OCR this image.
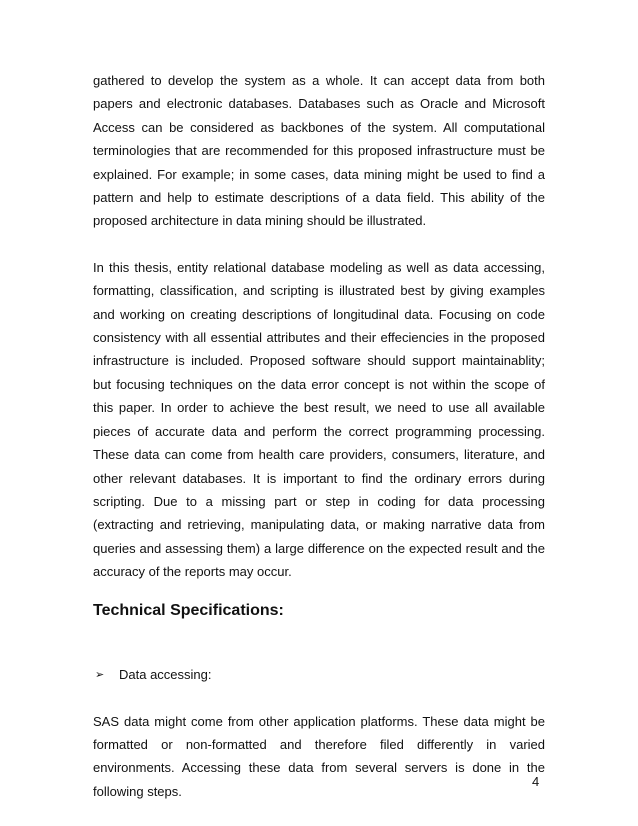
gathered to develop the system as a whole. It can accept data from both papers and electronic databases. Databases such as Oracle and Microsoft Access can be considered as backbones of the system. All computational terminologies that are recommended for this proposed infrastructure must be explained. For example; in some cases, data mining might be used to find a pattern and help to estimate descriptions of a data field. This ability of the proposed architecture in data mining should be illustrated.

In this thesis, entity relational database modeling as well as data accessing, formatting, classification, and scripting is illustrated best by giving examples and working on creating descriptions of longitudinal data. Focusing on code consistency with all essential attributes and their effeciencies in the proposed infrastructure is included. Proposed software should support maintainablity; but focusing techniques on the data error concept is not within the scope of this paper. In order to achieve the best result, we need to use all available pieces of accurate data and perform the correct programming processing. These data can come from health care providers, consumers, literature, and other relevant databases. It is important to find the ordinary errors during scripting. Due to a missing part or step in coding for data processing (extracting and retrieving, manipulating data, or making narrative data from queries and assessing them) a large difference on the expected result and the accuracy of the reports may occur.

Technical Specifications:
➢	Data accessing:

SAS data might come from other application platforms. These data might be formatted or non-formatted and therefore filed differently in varied environments. Accessing these data from several servers is done in the following steps.

4
